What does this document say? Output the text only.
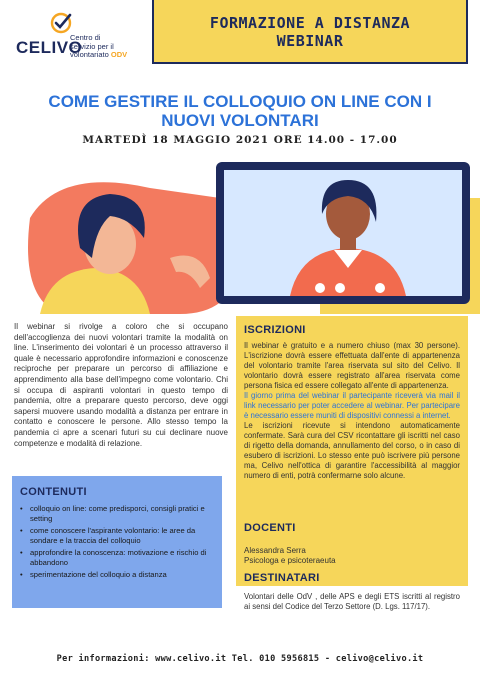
CELIVO
Centro di
servizio per il
volontariato ODV
FORMAZIONE A DISTANZA
WEBINAR
COME GESTIRE IL COLLOQUIO ON LINE CON I
NUOVI VOLONTARI
MARTEDÌ 18 MAGGIO 2021 ORE 14.00 - 17.00
Il webinar si rivolge a coloro che si occupano dell'accoglienza dei nuovi volontari tramite la modalità on line. L'inserimento dei volontari è un processo attraverso il quale è necessario approfondire informazioni e conoscenze reciproche per preparare un percorso di affiliazione e apprendimento alla base dell'impegno come volontario. Chi si occupa di aspiranti volontari in questo tempo di pandemia, oltre a preparare questo percorso, deve oggi sapersi muovere usando modalità a distanza per entrare in contatto e conoscere le persone. Allo stesso tempo la pandemia ci apre a scenari futuri su cui declinare nuove competenze e modalità di relazione.
ISCRIZIONI

Il webinar è gratuito e a numero chiuso (max 30 persone). L'iscrizione dovrà essere effettuata dall'ente di appartenenza del volontario tramite l'area riservata sul sito del Celivo. Il volontario dovrà essere registrato all'area riservata come persona fisica ed essere collegato all'ente di appartenenza.

Il giorno prima del webinar il partecipante riceverà via mail il link necessario per poter accedere al webinar. Per partecipare è necessario essere muniti di dispositivi connessi a internet.

Le iscrizioni ricevute si intendono automaticamente confermate. Sarà cura del CSV ricontattare gli iscritti nel caso di rigetto della domanda, annullamento del corso, o in caso di esubero di iscrizioni. Lo stesso ente può iscrivere più persone ma, Celivo nell'ottica di garantire l'accessibilità al maggior numero di enti, potrà confermarne solo alcune.

DOCENTI
Alessandra Serra
Psicologa e psicoteraeuta
DESTINATARI

Volontari delle OdV , delle APS e degli ETS iscritti al registro ai sensi del Codice del Terzo Settore (D. Lgs. 117/17).

CONTENUTI
• colloquio on line: come predisporci, consigli pratici e setting
• come conoscere l'aspirante volontario: le aree da sondare e la traccia del colloquio
• approfondire la conoscenza: motivazione e rischio di abbandono
• sperimentazione del colloquio a distanza
Per informazioni: www.celivo.it Tel. 010 5956815 - celivo@celivo.it
